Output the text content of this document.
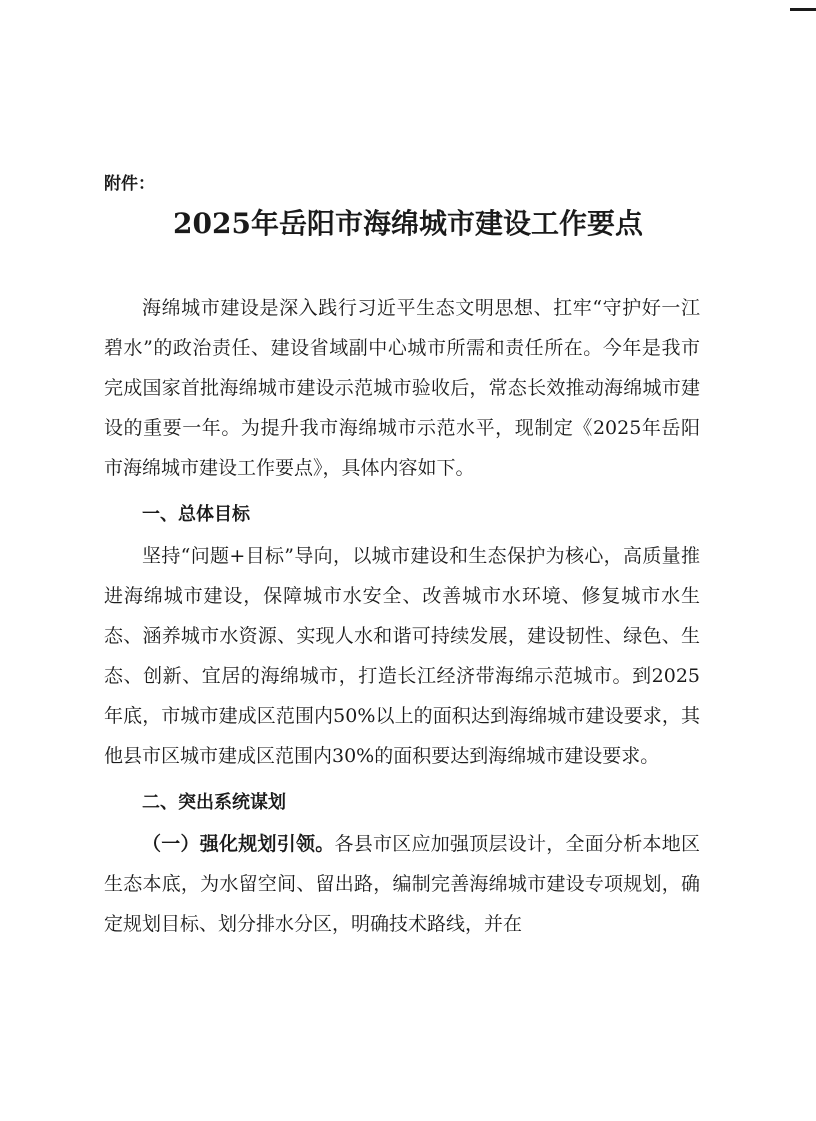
附件：

2025年岳阳市海绵城市建设工作要点

海绵城市建设是深入践行习近平生态文明思想、扛牢“守护好一江碧水”的政治责任、建设省域副中心城市所需和责任所在。今年是我市完成国家首批海绵城市建设示范城市验收后，常态长效推动海绵城市建设的重要一年。为提升我市海绵城市示范水平，现制定《2025年岳阳市海绵城市建设工作要点》，具体内容如下。

一、总体目标

坚持“问题+目标”导向，以城市建设和生态保护为核心，高质量推进海绵城市建设，保障城市水安全、改善城市水环境、修复城市水生态、涵养城市水资源、实现人水和谐可持续发展，建设韧性、绿色、生态、创新、宜居的海绵城市，打造长江经济带海绵示范城市。到2025年底，市城市建成区范围内50%以上的面积达到海绵城市建设要求，其他县市区城市建成区范围内30%的面积要达到海绵城市建设要求。

二、突出系统谋划

（一）强化规划引领。各县市区应加强顶层设计，全面分析本地区生态本底，为水留空间、留出路，编制完善海绵城市建设专项规划，确定规划目标、划分排水分区，明确技术路线，并在
